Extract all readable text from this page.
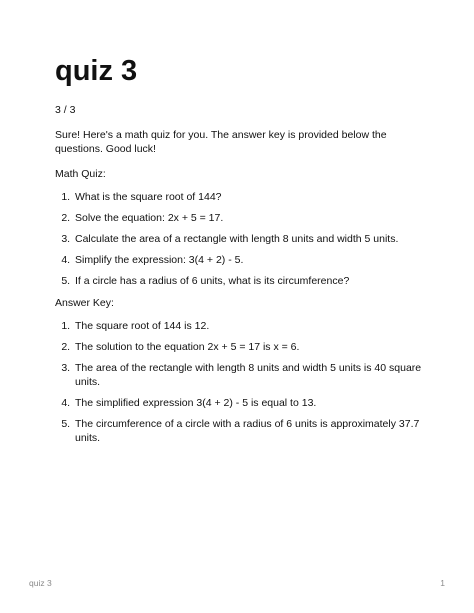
quiz 3

3 / 3

Sure! Here's a math quiz for you. The answer key is provided below the questions. Good luck!

Math Quiz:

1. What is the square root of 144?
2. Solve the equation: 2x + 5 = 17.
3. Calculate the area of a rectangle with length 8 units and width 5 units.
4. Simplify the expression: 3(4 + 2) - 5.
5. If a circle has a radius of 6 units, what is its circumference?

Answer Key:

1. The square root of 144 is 12.
2. The solution to the equation 2x + 5 = 17 is x = 6.
3. The area of the rectangle with length 8 units and width 5 units is 40 square units.
4. The simplified expression 3(4 + 2) - 5 is equal to 13.
5. The circumference of a circle with a radius of 6 units is approximately 37.7 units.
quiz 3	1
